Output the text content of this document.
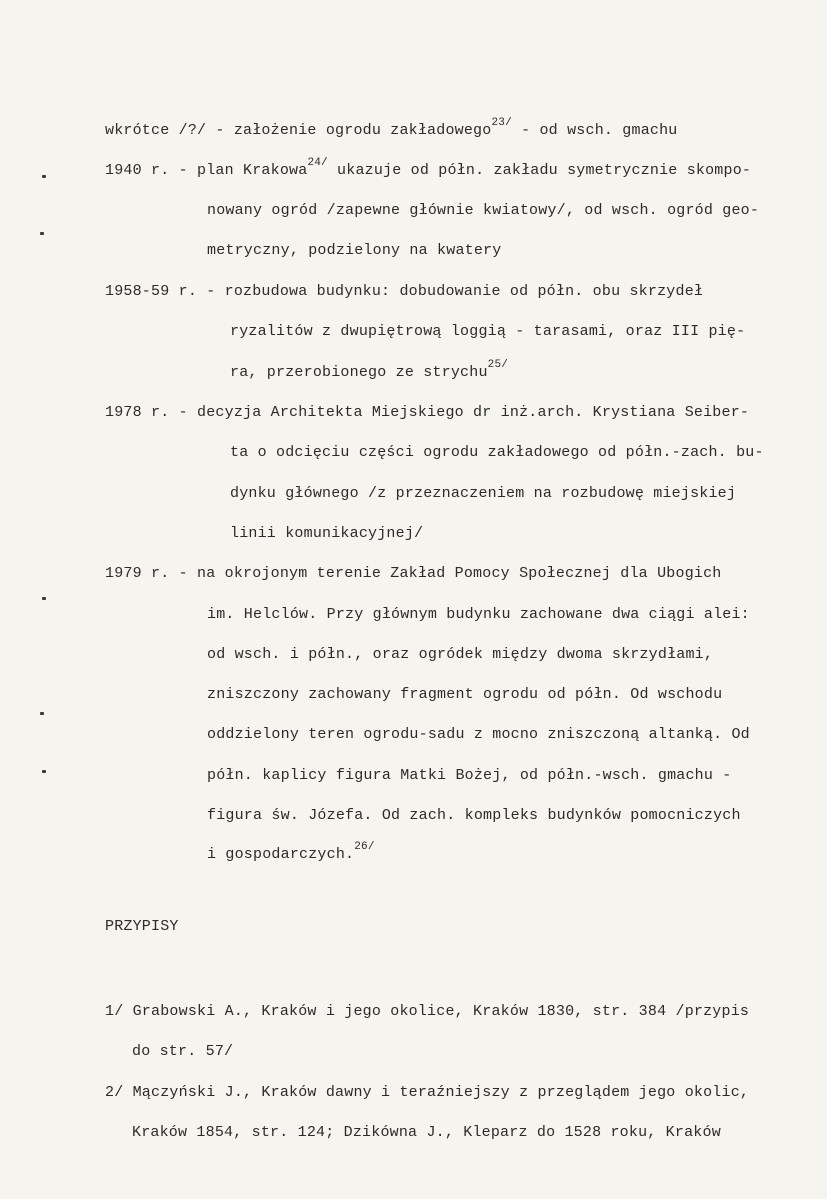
wkrótce /?/ - założenie ogrodu zakładowego$^{23/}$ - od wsch. gmachu
1940 r. - plan Krakowa$^{24/}$ ukazuje od półn. zakładu symetrycznie skompo-
nowany ogród /zapewne głównie kwiatowy/, od wsch. ogród geo-
metryczny, podzielony na kwatery
1958-59 r. - rozbudowa budynku: dobudowanie od półn. obu skrzydeł
ryzalitów z dwupiętrową loggią - tarasami, oraz III pię-
ra, przerobionego ze strychu$^{25/}$
1978 r. - decyzja Architekta Miejskiego dr inż.arch. Krystiana Seiber-
ta o odcięciu części ogrodu zakładowego od półn.-zach. bu-
dynku głównego /z przeznaczeniem na rozbudowę miejskiej
linii komunikacyjnej/
1979 r. - na okrojonym terenie Zakład Pomocy Społecznej dla Ubogich
im. Helclów. Przy głównym budynku zachowane dwa ciągi alei:
od wsch. i półn., oraz ogródek między dwoma skrzydłami,
zniszczony zachowany fragment ogrodu od półn. Od wschodu
oddzielony teren ogrodu-sadu z mocno zniszczoną altanką. Od
półn. kaplicy figura Matki Bożej, od półn.-wsch. gmachu -
figura św. Józefa. Od zach. kompleks budynków pomocniczych
i gospodarczych.$^{26/}$
PRZYPISY
1/ Grabowski A., Kraków i jego okolice, Kraków 1830, str. 384 /przypis
do str. 57/
2/ Mączyński J., Kraków dawny i teraźniejszy z przeglądem jego okolic,
Kraków 1854, str. 124; Dzikówna J., Kleparz do 1528 roku, Kraków
